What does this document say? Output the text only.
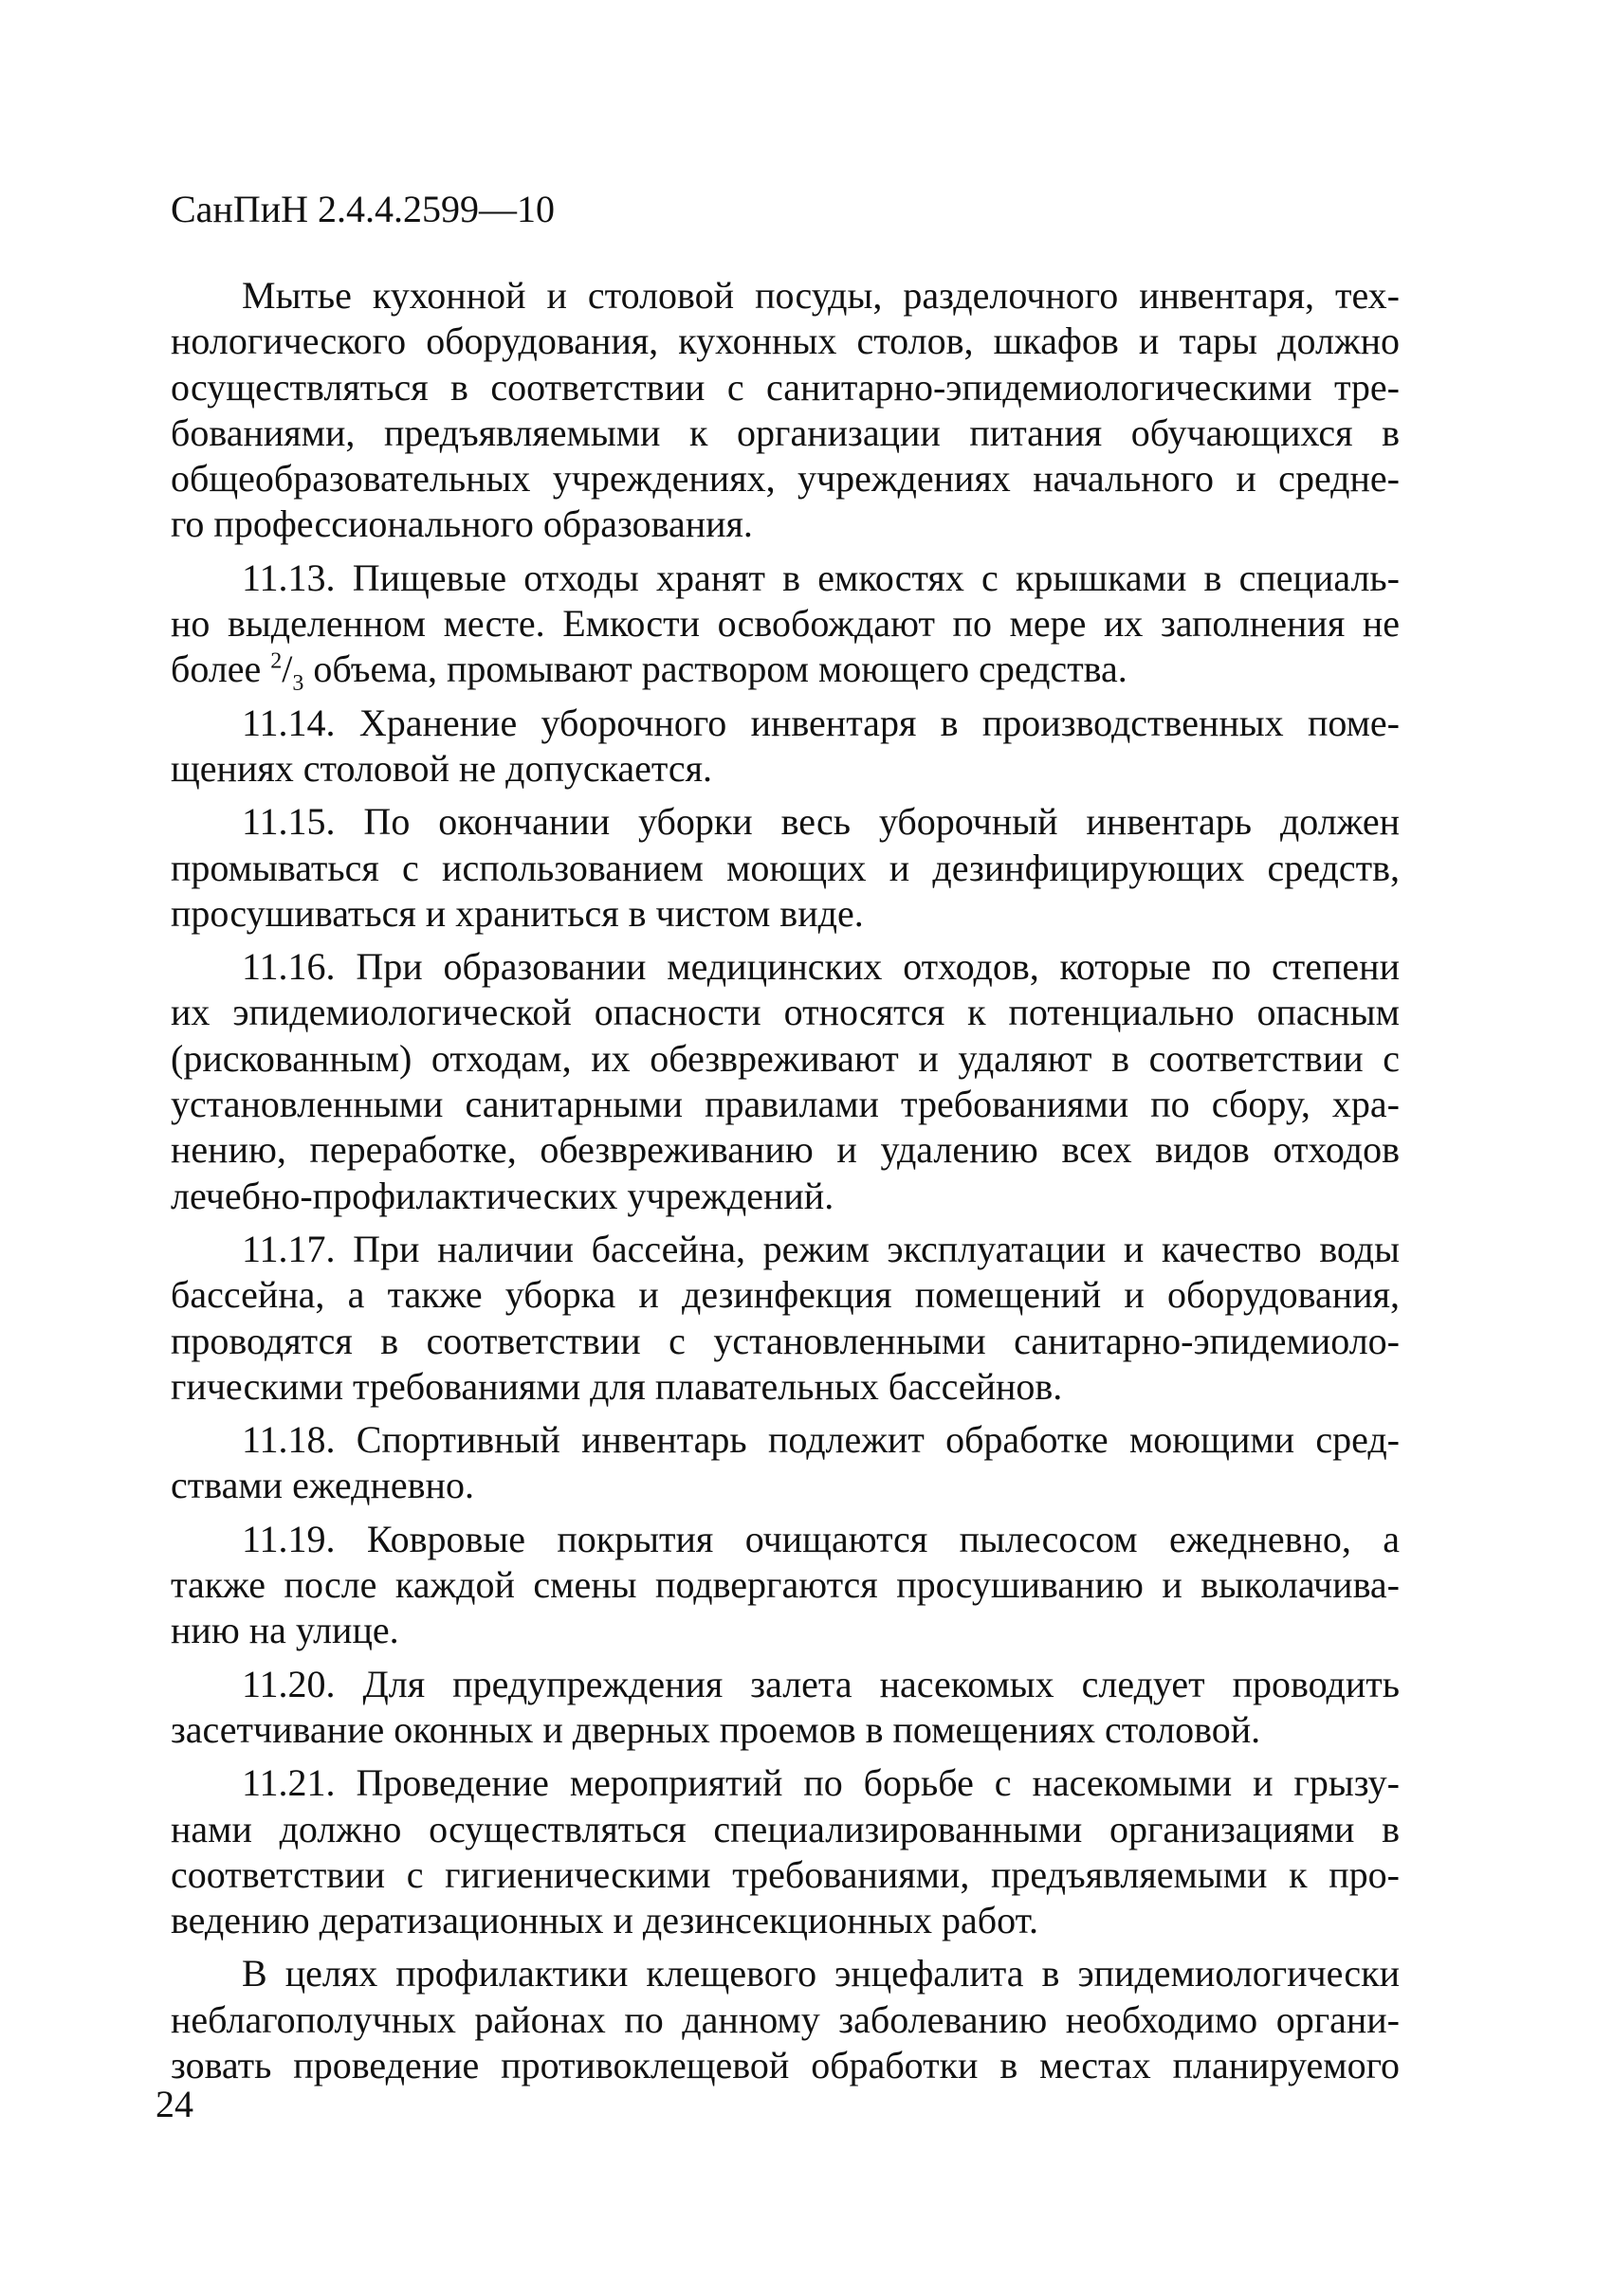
СанПиН 2.4.4.2599—10
Мытье кухонной и столовой посуды, разделочного инвентаря, тех-
нологического оборудования, кухонных столов, шкафов и тары должно
осуществляться в соответствии с санитарно-эпидемиологическими тре-
бованиями, предъявляемыми к организации питания обучающихся в
общеобразовательных учреждениях, учреждениях начального и средне-
го профессионального образования.
11.13. Пищевые отходы хранят в емкостях с крышками в специаль-
но выделенном месте. Емкости освобождают по мере их заполнения не
более $^2/_3$ объема, промывают раствором моющего средства.
11.14. Хранение уборочного инвентаря в производственных поме-
щениях столовой не допускается.
11.15. По окончании уборки весь уборочный инвентарь должен
промываться с использованием моющих и дезинфицирующих средств,
просушиваться и храниться в чистом виде.
11.16. При образовании медицинских отходов, которые по степени
их эпидемиологической опасности относятся к потенциально опасным
(рискованным) отходам, их обезвреживают и удаляют в соответствии с
установленными санитарными правилами требованиями по сбору, хра-
нению, переработке, обезвреживанию и удалению всех видов отходов
лечебно-профилактических учреждений.
11.17. При наличии бассейна, режим эксплуатации и качество воды
бассейна, а также уборка и дезинфекция помещений и оборудования,
проводятся в соответствии с установленными санитарно-эпидемиоло-
гическими требованиями для плавательных бассейнов.
11.18. Спортивный инвентарь подлежит обработке моющими сред-
ствами ежедневно.
11.19. Ковровые покрытия очищаются пылесосом ежедневно, а
также после каждой смены подвергаются просушиванию и выколачива-
нию на улице.
11.20. Для предупреждения залета насекомых следует проводить
засетчивание оконных и дверных проемов в помещениях столовой.
11.21. Проведение мероприятий по борьбе с насекомыми и грызу-
нами должно осуществляться специализированными организациями в
соответствии с гигиеническими требованиями, предъявляемыми к про-
ведению дератизационных и дезинсекционных работ.
В целях профилактики клещевого энцефалита в эпидемиологически
неблагополучных районах по данному заболеванию необходимо органи-
зовать проведение противоклещевой обработки в местах планируемого
24
